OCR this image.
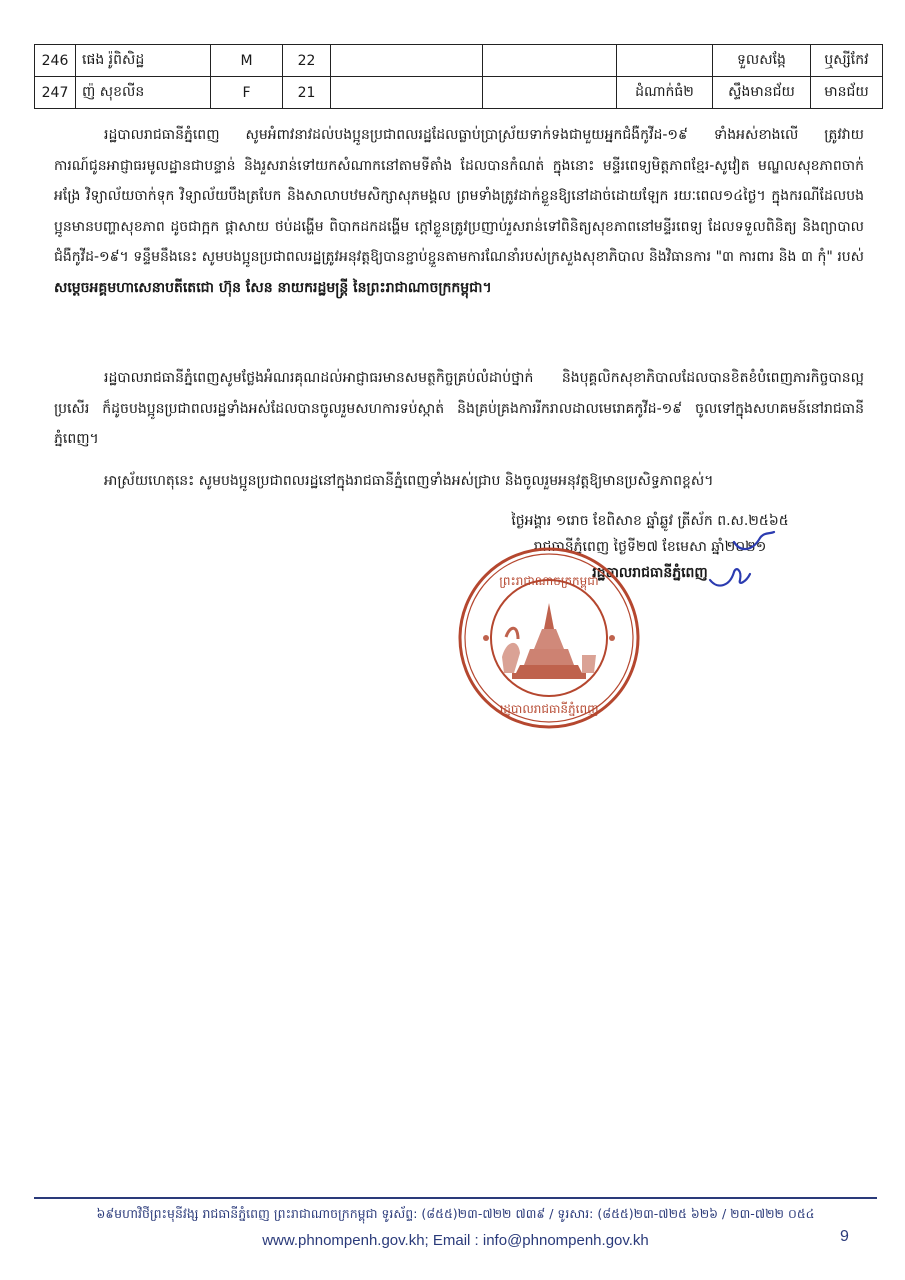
246	ផេង រ៉ូពិសិដ្ឋ	M	22				ទួលសង្កែ	ឬស្សីកែវ
247	ញ៉ សុខលីន	F	21			ដំណាក់ធំ២	ស្ទឹងមានជ័យ	មានជ័យ

រដ្ឋបាលរាជធានីភ្នំពេញ សូមអំពាវនាវដល់បងប្អូនប្រជាពលរដ្ឋដែលធ្លាប់ប្រាស្រ័យទាក់ទងជាមួយអ្នកជំងឺកូវីដ-១៩ ទាំងអស់ខាងលើ ត្រូវវាយការណ៍ជូនអាជ្ញាធរមូលដ្ឋានជាបន្ទាន់ និងរួសរាន់ទៅយកសំណាកនៅតាមទីតាំង ដែលបានកំណត់ ក្នុងនោះ មន្ទីរពេទ្យមិត្តភាពខ្មែរ-សូវៀត មណ្ឌលសុខភាពចាក់អង្រែ វិទ្យាល័យចាក់ទុក វិទ្យាល័យបឹងត្របែក និងសាលាបឋមសិក្សាសុភមង្គល ព្រមទាំងត្រូវដាក់ខ្លួនឱ្យនៅដាច់ដោយឡែក រយៈពេល១៤ថ្ងៃ។ ក្នុងករណីដែលបងប្អូនមានបញ្ហាសុខភាព ដូចជាក្អក ផ្តាសាយ ថប់ដង្ហើម ពិបាកដកដង្ហើម ក្តៅខ្លួនត្រូវប្រញាប់រួសរាន់ទៅពិនិត្យសុខភាពនៅមន្ទីរពេទ្យ ដែលទទួលពិនិត្យ និងព្យាបាលជំងឺកូវីដ-១៩។ ទន្ទឹមនឹងនេះ សូមបងប្អូនប្រជាពលរដ្ឋត្រូវអនុវត្តឱ្យបានខ្ជាប់ខ្ជួនតាមការណែនាំរបស់ក្រសួងសុខាភិបាល និងវិធានការ "៣ ការពារ និង ៣ កុំ" របស់ សម្តេចអគ្គមហាសេនាបតីតេជោ ហ៊ុន សែន នាយករដ្ឋមន្ត្រី នៃព្រះរាជាណាចក្រកម្ពុជា។

រដ្ឋបាលរាជធានីភ្នំពេញសូមថ្លែងអំណរគុណដល់អាជ្ញាធរមានសមត្ថកិច្ចគ្រប់លំដាប់ថ្នាក់ និងបុគ្គលិកសុខាភិបាលដែលបានខិតខំបំពេញភារកិច្ចបានល្អប្រសើរ ក៏ដូចបងប្អូនប្រជាពលរដ្ឋទាំងអស់ដែលបានចូលរួមសហការទប់ស្កាត់ និងគ្រប់គ្រងការរីករាលដាលមេរោគកូវីដ-១៩ ចូលទៅក្នុងសហគមន៍នៅរាជធានីភ្នំពេញ។

អាស្រ័យហេតុនេះ សូមបងប្អូនប្រជាពលរដ្ឋនៅក្នុងរាជធានីភ្នំពេញទាំងអស់ជ្រាប និងចូលរួមអនុវត្តឱ្យមានប្រសិទ្ធភាពខ្ពស់។

ថ្ងៃអង្គារ ១រោច ខែពិសាខ ឆ្នាំឆ្លូវ ត្រីស័ក ព.ស.២៥៦៥
រាជធានីភ្នំពេញ ថ្ងៃទី២៧ ខែមេសា ឆ្នាំ២០២១
រដ្ឋបាលរាជធានីភ្នំពេញ
ព្រះរាជាណាចក្រកម្ពុជា
រដ្ឋបាលរាជធានីភ្នំពេញ
៦៩មហាវិថីព្រះមុនីវង្ស រាជធានីភ្នំពេញ ព្រះរាជាណាចក្រកម្ពុជា ទូរស័ព្ទ: (៨៥៥)២៣-៧២២ ៧៣៩ / ទូរសារ: (៨៥៥)២៣-៧២៥ ៦២៦ / ២៣-៧២២ ០៥៤
www.phnompenh.gov.kh; Email : info@phnompenh.gov.kh	9
